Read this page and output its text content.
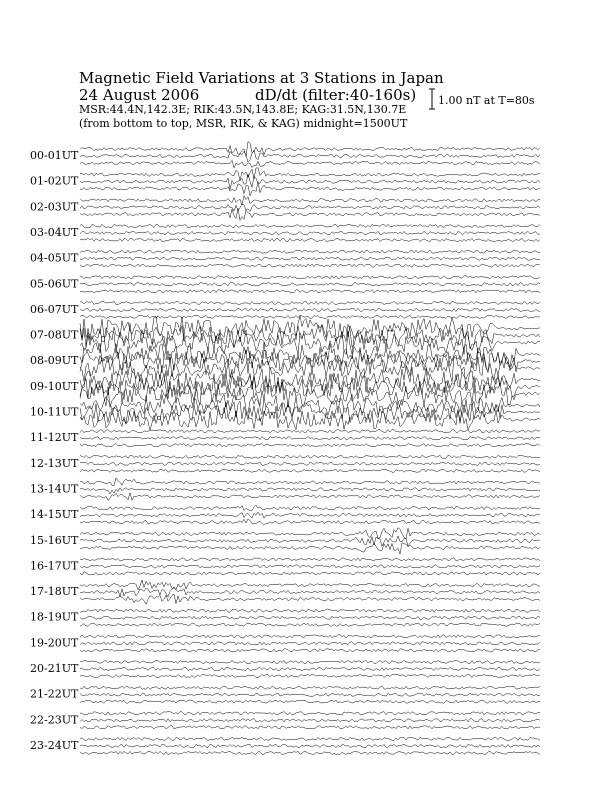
Magnetic Field Variations at 3 Stations in Japan
24 August 2006	dD/dt (filter:40-160s)
MSR:44.4N,142.3E; RIK:43.5N,143.8E; KAG:31.5N,130.7E
(from bottom to top, MSR, RIK, & KAG) midnight=1500UT
1.00 nT at T=80s
00-01UT
01-02UT
02-03UT
03-04UT
04-05UT
05-06UT
06-07UT
07-08UT
08-09UT
09-10UT
10-11UT
11-12UT
12-13UT
13-14UT
14-15UT
15-16UT
16-17UT
17-18UT
18-19UT
19-20UT
20-21UT
21-22UT
22-23UT
23-24UT
